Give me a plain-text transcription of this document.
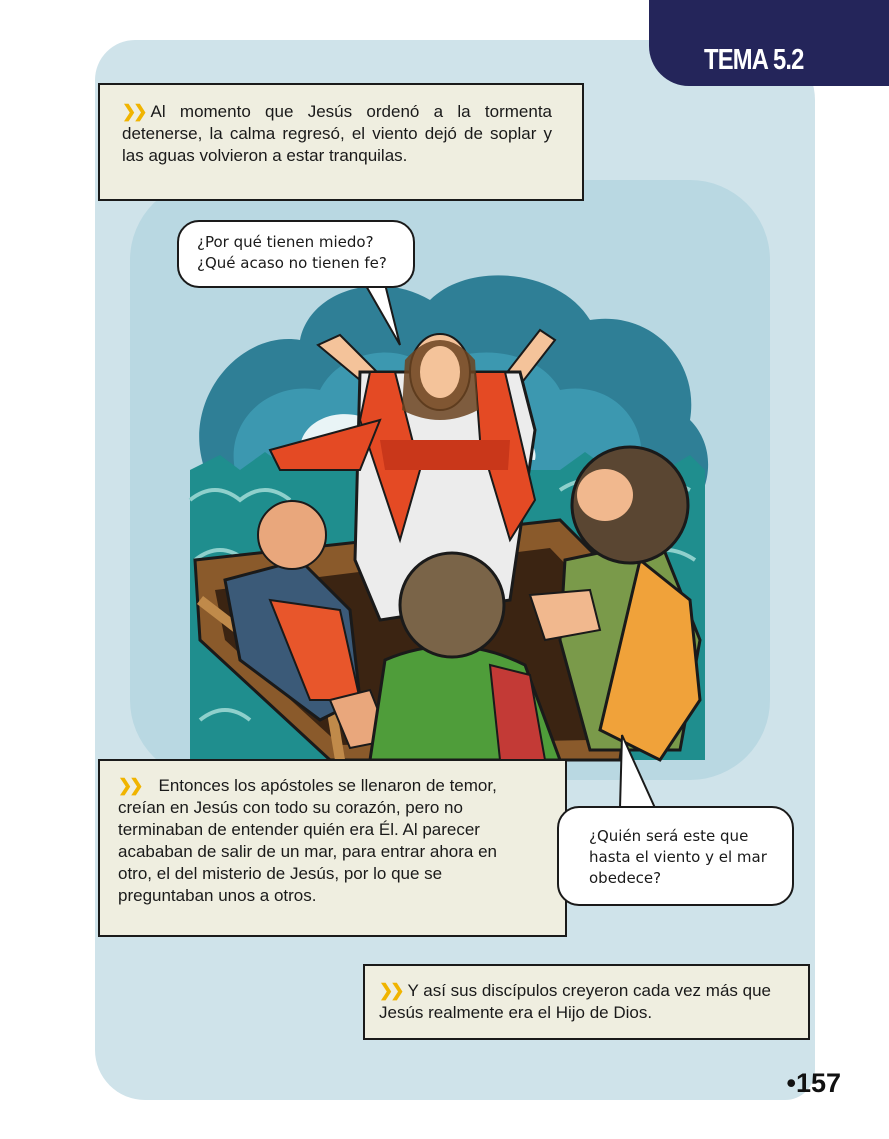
TEMA 5.2
❯❯ Al momento que Jesús ordenó a la tormenta detenerse, la calma regresó, el viento dejó de soplar y las aguas volvieron a estar tranquilas.
¿Por qué tienen miedo? ¿Qué acaso no tienen fe?
❯❯ Entonces los apóstoles se llenaron de temor, creían en Jesús con todo su corazón, pero no terminaban de entender quién era Él. Al parecer acababan de salir de un mar, para entrar ahora en otro, el del misterio de Jesús, por lo que se preguntaban unos a otros.
¿Quién será este que hasta el viento y el mar obedece?
❯❯ Y así sus discípulos creyeron cada vez más que Jesús realmente era el Hijo de Dios.
•157
